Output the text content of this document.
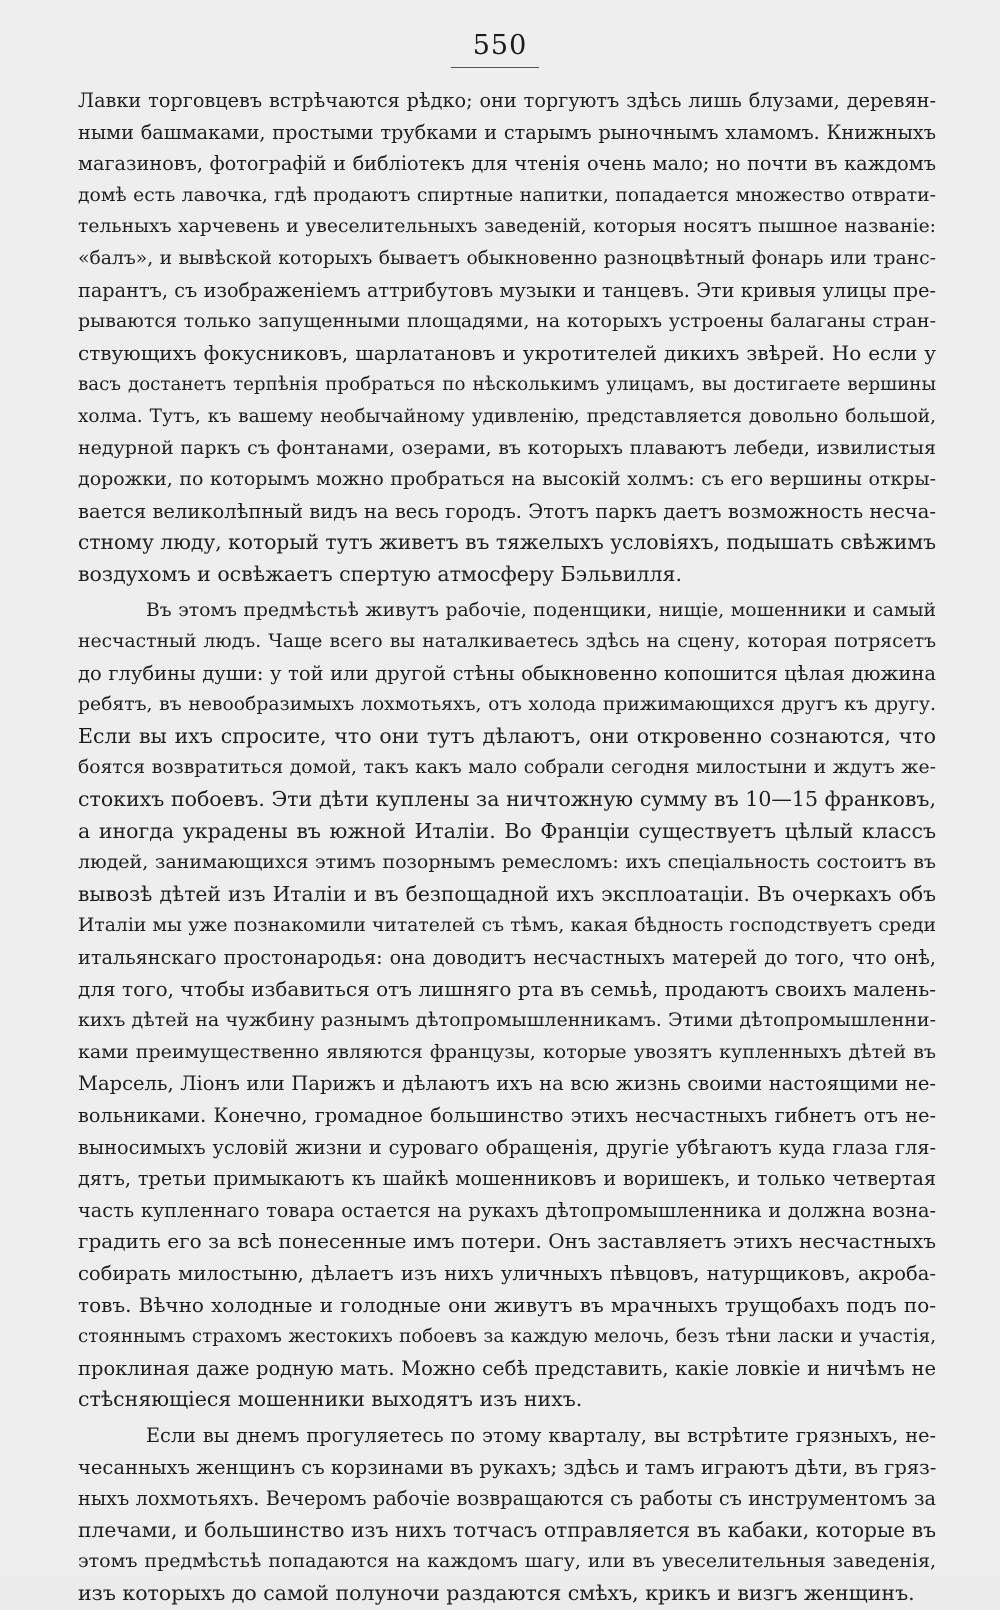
550
Лавки торговцевъ встрѣчаются рѣдко; они торгуютъ здѣсь лишь блузами, деревян-
ными башмаками, простыми трубками и старымъ рыночнымъ хламомъ. Книжныхъ
магазиновъ, фотографій и библіотекъ для чтенія очень мало; но почти въ каждомъ
домѣ есть лавочка, гдѣ продаютъ спиртные напитки, попадается множество отврати-
тельныхъ харчевень и увеселительныхъ заведеній, которыя носятъ пышное названіе:
«балъ», и вывѣской которыхъ бываетъ обыкновенно разноцвѣтный фонарь или транс-
парантъ, съ изображеніемъ аттрибутовъ музыки и танцевъ. Эти кривыя улицы пре-
рываются только запущенными площадями, на которыхъ устроены балаганы стран-
ствующихъ фокусниковъ, шарлатановъ и укротителей дикихъ звѣрей. Но если у
васъ достанетъ терпѣнія пробраться по нѣсколькимъ улицамъ, вы достигаете вершины
холма. Тутъ, къ вашему необычайному удивленію, представляется довольно большой,
недурной паркъ съ фонтанами, озерами, въ которыхъ плаваютъ лебеди, извилистыя
дорожки, по которымъ можно пробраться на высокій холмъ: съ его вершины откры-
вается великолѣпный видъ на весь городъ. Этотъ паркъ даетъ возможность несча-
стному люду, который тутъ живетъ въ тяжелыхъ условіяхъ, подышать свѣжимъ
воздухомъ и освѣжаетъ спертую атмосферу Бэльвилля.
Въ этомъ предмѣстьѣ живутъ рабочіе, поденщики, нищіе, мошенники и самый
несчастный людъ. Чаще всего вы наталкиваетесь здѣсь на сцену, которая потрясетъ
до глубины души: у той или другой стѣны обыкновенно копошится цѣлая дюжина
ребятъ, въ невообразимыхъ лохмотьяхъ, отъ холода прижимающихся другъ къ другу.
Если вы ихъ спросите, что они тутъ дѣлаютъ, они откровенно сознаются, что
боятся возвратиться домой, такъ какъ мало собрали сегодня милостыни и ждутъ же-
стокихъ побоевъ. Эти дѣти куплены за ничтожную сумму въ 10—15 франковъ,
а иногда украдены въ южной Италіи. Во Франціи существуетъ цѣлый классъ
людей, занимающихся этимъ позорнымъ ремесломъ: ихъ спеціальность состоитъ въ
вывозѣ дѣтей изъ Италіи и въ безпощадной ихъ эксплоатаціи. Въ очеркахъ объ
Италіи мы уже познакомили читателей съ тѣмъ, какая бѣдность господствуетъ среди
итальянскаго простонародья: она доводитъ несчастныхъ матерей до того, что онѣ,
для того, чтобы избавиться отъ лишняго рта въ семьѣ, продаютъ своихъ малень-
кихъ дѣтей на чужбину разнымъ дѣтопромышленникамъ. Этими дѣтопромышленни-
ками преимущественно являются французы, которые увозятъ купленныхъ дѣтей въ
Марсель, Ліонъ или Парижъ и дѣлаютъ ихъ на всю жизнь своими настоящими не-
вольниками. Конечно, громадное большинство этихъ несчастныхъ гибнетъ отъ не-
выносимыхъ условій жизни и суроваго обращенія, другіе убѣгаютъ куда глаза гля-
дятъ, третьи примыкаютъ къ шайкѣ мошенниковъ и воришекъ, и только четвертая
часть купленнаго товара остается на рукахъ дѣтопромышленника и должна возна-
градить его за всѣ понесенные имъ потери. Онъ заставляетъ этихъ несчастныхъ
собирать милостыню, дѣлаетъ изъ нихъ уличныхъ пѣвцовъ, натурщиковъ, акроба-
товъ. Вѣчно холодные и голодные они живутъ въ мрачныхъ трущобахъ подъ по-
стояннымъ страхомъ жестокихъ побоевъ за каждую мелочь, безъ тѣни ласки и участія,
проклиная даже родную мать. Можно себѣ представить, какіе ловкіе и ничѣмъ не
стѣсняющіеся мошенники выходятъ изъ нихъ.
Если вы днемъ прогуляетесь по этому кварталу, вы встрѣтите грязныхъ, не-
чесанныхъ женщинъ съ корзинами въ рукахъ; здѣсь и тамъ играютъ дѣти, въ гряз-
ныхъ лохмотьяхъ. Вечеромъ рабочіе возвращаются съ работы съ инструментомъ за
плечами, и большинство изъ нихъ тотчасъ отправляется въ кабаки, которые въ
этомъ предмѣстьѣ попадаются на каждомъ шагу, или въ увеселительныя заведенія,
изъ которыхъ до самой полуночи раздаются смѣхъ, крикъ и визгъ женщинъ.
